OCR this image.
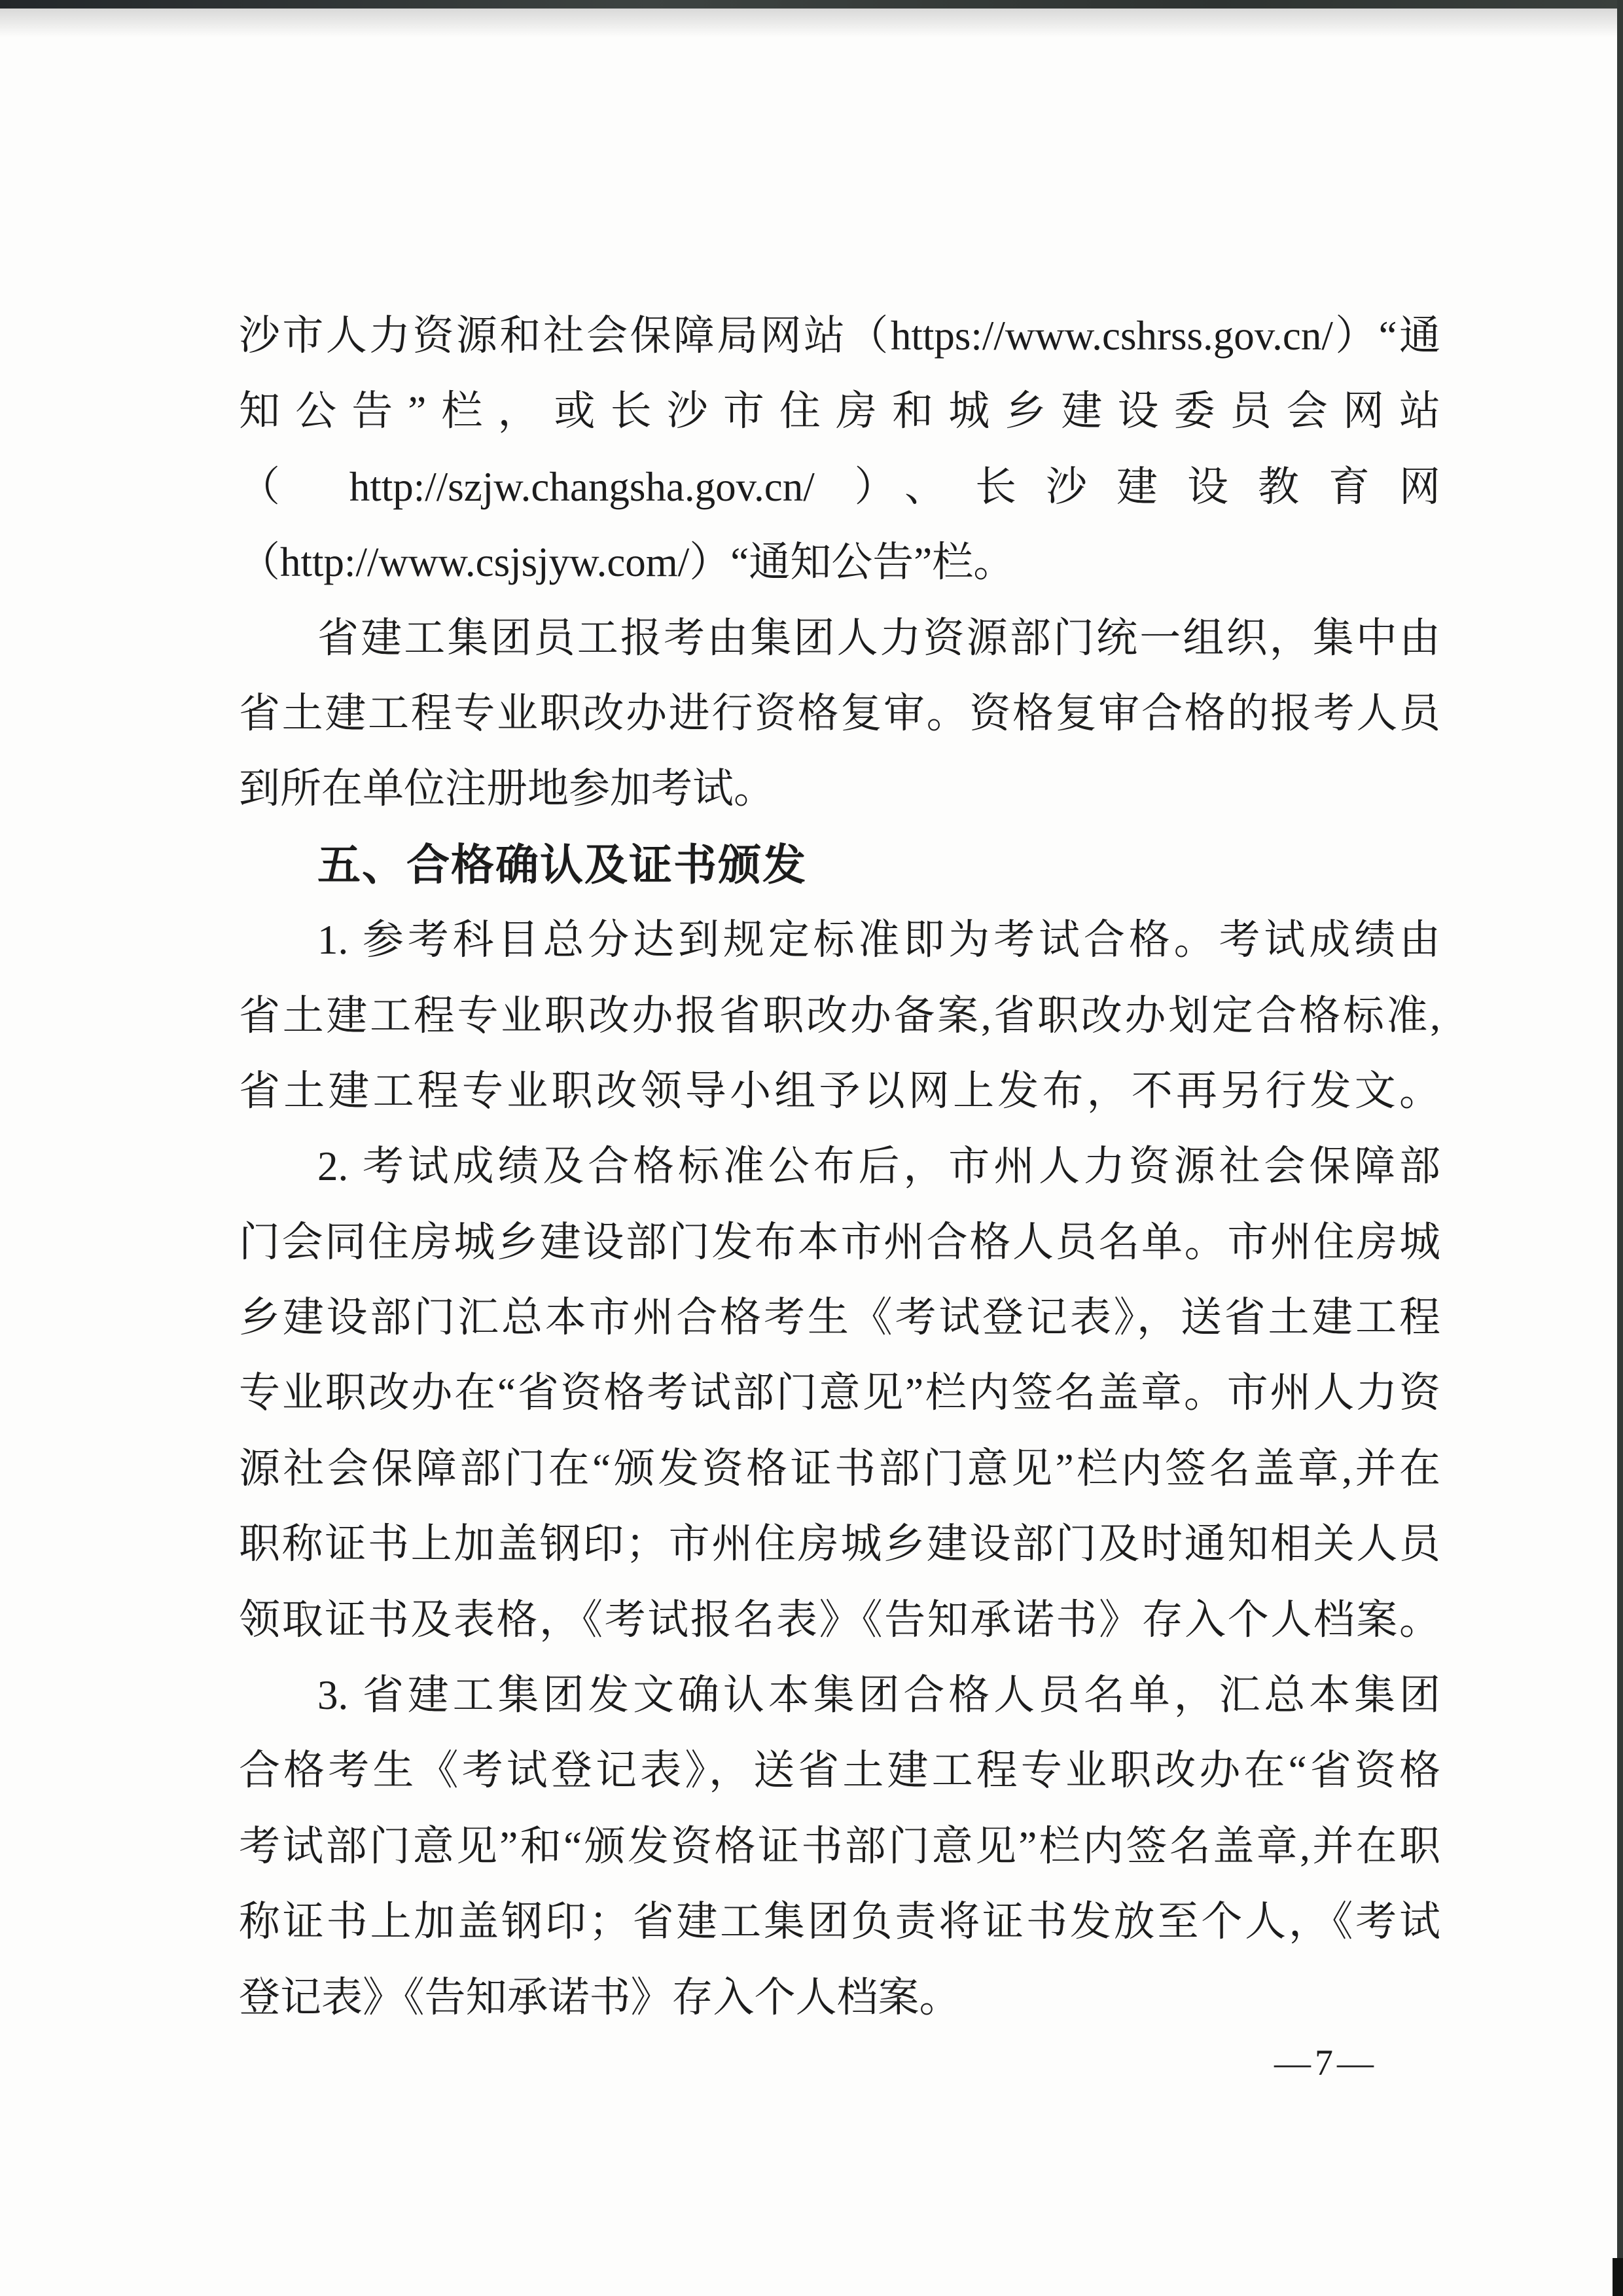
沙市人力资源和社会保障局网站（https://www.cshrss.gov.cn/）“通
知公告”栏，或长沙市住房和城乡建设委员会网站
（ http://szjw.changsha.gov.cn/ ）、长沙建设教育网
（http://www.csjsjyw.com/）“通知公告”栏。
省建工集团员工报考由集团人力资源部门统一组织，集中由
省土建工程专业职改办进行资格复审。资格复审合格的报考人员
到所在单位注册地参加考试。
五、合格确认及证书颁发
1. 参考科目总分达到规定标准即为考试合格。考试成绩由
省土建工程专业职改办报省职改办备案,省职改办划定合格标准,
省土建工程专业职改领导小组予以网上发布，不再另行发文。
2. 考试成绩及合格标准公布后，市州人力资源社会保障部
门会同住房城乡建设部门发布本市州合格人员名单。市州住房城
乡建设部门汇总本市州合格考生《考试登记表》，送省土建工程
专业职改办在“省资格考试部门意见”栏内签名盖章。市州人力资
源社会保障部门在“颁发资格证书部门意见”栏内签名盖章,并在
职称证书上加盖钢印；市州住房城乡建设部门及时通知相关人员
领取证书及表格，《考试报名表》《告知承诺书》存入个人档案。
3. 省建工集团发文确认本集团合格人员名单，汇总本集团
合格考生《考试登记表》，送省土建工程专业职改办在“省资格
考试部门意见”和“颁发资格证书部门意见”栏内签名盖章,并在职
称证书上加盖钢印；省建工集团负责将证书发放至个人，《考试
登记表》《告知承诺书》存入个人档案。
—7—
